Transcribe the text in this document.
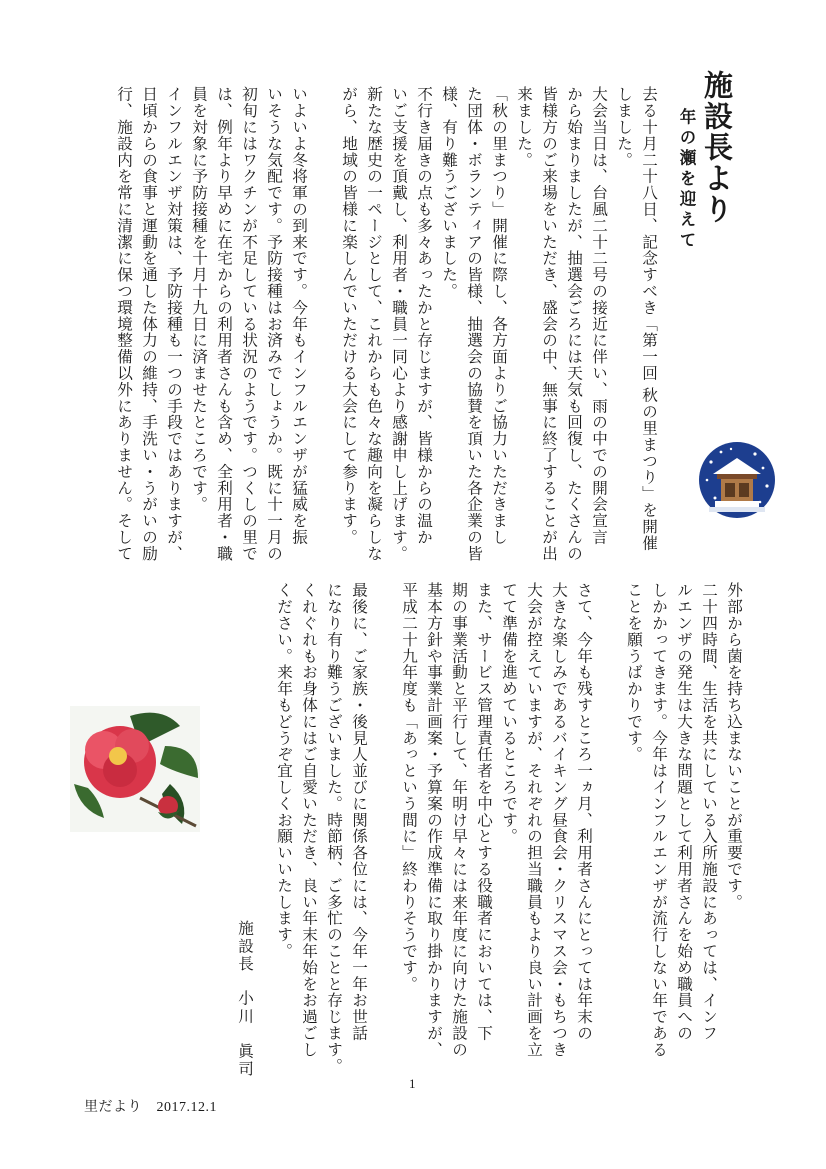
施設長より
年の瀬を迎えて
去る十月二十八日、記念すべき「第一回 秋の里まつり」を開催
しました。
大会当日は、台風二十二号の接近に伴い、雨の中での開会宣言
から始まりましたが、抽選会ごろには天気も回復し、たくさんの
皆様方のご来場をいただき、盛会の中、無事に終了することが出
来ました。
「秋の里まつり」開催に際し、各方面よりご協力いただきまし
た団体・ボランティアの皆様、抽選会の協賛を頂いた各企業の皆
様、有り難うございました。
不行き届きの点も多々あったかと存じますが、皆様からの温か
いご支援を頂戴し、利用者・職員一同心より感謝申し上げます。
新たな歴史の一ページとして、これからも色々な趣向を凝らしな
がら、地域の皆様に楽しんでいただける大会にして参ります。

いよいよ冬将軍の到来です。今年もインフルエンザが猛威を振
いそうな気配です。予防接種はお済みでしょうか。既に十一月の
初旬にはワクチンが不足している状況のようです。つくしの里で
は、例年より早めに在宅からの利用者さんも含め、全利用者・職
員を対象に予防接種を十月十九日に済ませたところです。
インフルエンザ対策は、予防接種も一つの手段ではありますが、
日頃からの食事と運動を通した体力の維持、手洗い・うがいの励
行、施設内を常に清潔に保つ環境整備以外にありません。そして
外部から菌を持ち込まないことが重要です。
二十四時間、生活を共にしている入所施設にあっては、インフ
ルエンザの発生は大きな問題として利用者さんを始め職員への
しかかってきます。今年はインフルエンザが流行しない年である
ことを願うばかりです。

さて、今年も残すところ一ヵ月、利用者さんにとっては年末の
大きな楽しみであるバイキング昼食会・クリスマス会・もちつき
大会が控えていますが、それぞれの担当職員もより良い計画を立
てて準備を進めているところです。
また、サービス管理責任者を中心とする役職者においては、下
期の事業活動と平行して、年明け早々には来年度に向けた施設の
基本方針や事業計画案・予算案の作成準備に取り掛かりますが、
平成二十九年度も「あっという間に」終わりそうです。

最後に、ご家族・後見人並びに関係各位には、今年一年お世話
になり有り難うございました。時節柄、ご多忙のことと存じます。
くれぐれもお身体にはご自愛いただき、良い年末年始をお過ごし
ください。来年もどうぞ宜しくお願いいたします。
施設長
小川　眞司
1
里だより　2017.12.1
